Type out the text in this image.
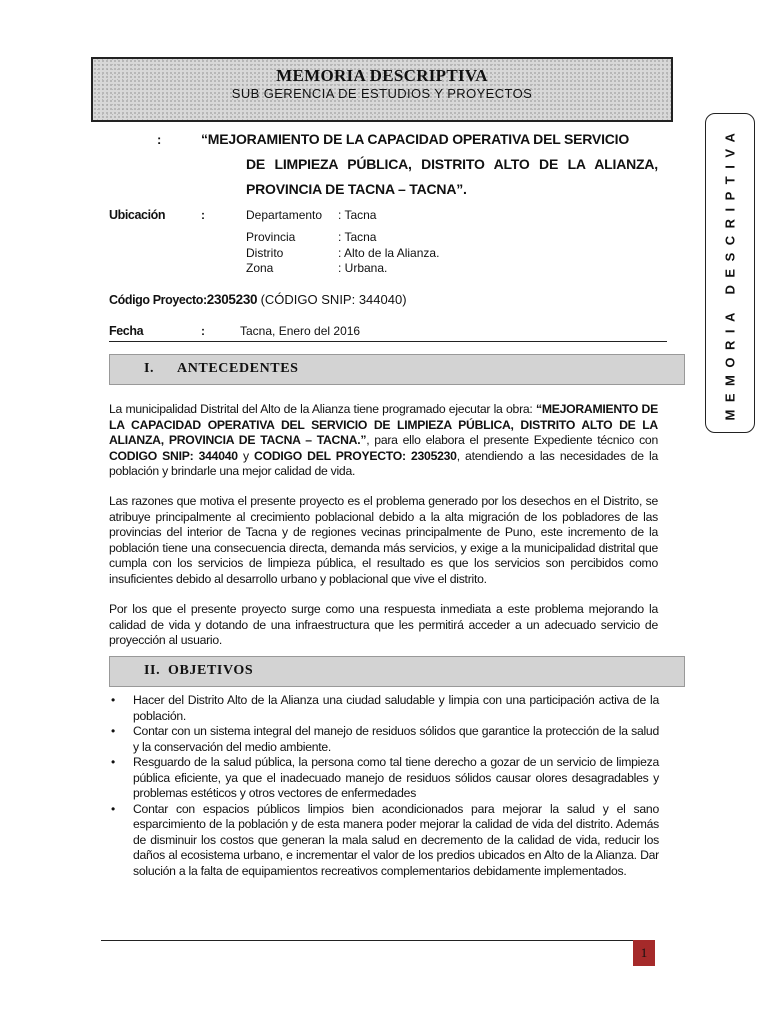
MEMORIA DESCRIPTIVA
SUB GERENCIA DE ESTUDIOS Y PROYECTOS
MEMORIA DESCRIPTIVA
:	“MEJORAMIENTO DE LA CAPACIDAD OPERATIVA DEL SERVICIO
DE LIMPIEZA PÚBLICA, DISTRITO ALTO DE LA ALIANZA,
PROVINCIA DE TACNA – TACNA”.
Ubicación	:	Departamento : Tacna
Provincia	: Tacna
Distrito	: Alto de la Alianza.
Zona	: Urbana.
Código Proyecto:2305230 (CÓDIGO SNIP: 344040)
Fecha	:	Tacna, Enero del 2016
I. ANTECEDENTES
La municipalidad Distrital del Alto de la Alianza tiene programado ejecutar la obra: “MEJORAMIENTO DE LA CAPACIDAD OPERATIVA DEL SERVICIO DE LIMPIEZA PÚBLICA, DISTRITO ALTO DE LA ALIANZA, PROVINCIA DE TACNA – TACNA.”, para ello elabora el presente Expediente técnico con CODIGO SNIP: 344040 y CODIGO DEL PROYECTO: 2305230, atendiendo a las necesidades de la población y brindarle una mejor calidad de vida.
Las razones que motiva el presente proyecto es el problema generado por los desechos en el Distrito, se atribuye principalmente al crecimiento poblacional debido a la alta migración de los pobladores de las provincias del interior de Tacna y de regiones vecinas principalmente de Puno, este incremento de la población tiene una consecuencia directa, demanda más servicios, y exige a la municipalidad distrital que cumpla con los servicios de limpieza pública, el resultado es que los servicios son percibidos como insuficientes debido al desarrollo urbano y poblacional que vive el distrito.
Por los que el presente proyecto surge como una respuesta inmediata a este problema mejorando la calidad de vida y dotando de una infraestructura que les permitirá acceder a un adecuado servicio de proyección al usuario.
II. OBJETIVOS
• Hacer del Distrito Alto de la Alianza una ciudad saludable y limpia con una participación activa de la población.
• Contar con un sistema integral del manejo de residuos sólidos que garantice la protección de la salud y la conservación del medio ambiente.
• Resguardo de la salud pública, la persona como tal tiene derecho a gozar de un servicio de limpieza pública eficiente, ya que el inadecuado manejo de residuos sólidos causar olores desagradables y problemas estéticos y otros vectores de enfermedades
• Contar con espacios públicos limpios bien acondicionados para mejorar la salud y el sano esparcimiento de la población y de esta manera poder mejorar la calidad de vida del distrito. Además de disminuir los costos que generan la mala salud en decremento de la calidad de vida, reducir los daños al ecosistema urbano, e incrementar el valor de los predios ubicados en Alto de la Alianza. Dar solución a la falta de equipamientos recreativos complementarios debidamente implementados.
1
